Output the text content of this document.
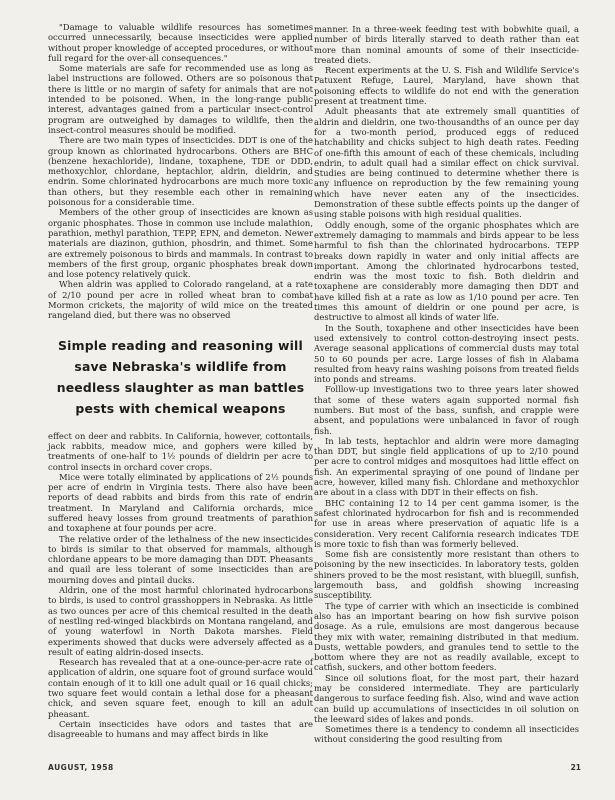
"Damage to valuable wildlife resources has sometimes occurred unnecessarily, because insecticides were applied without proper knowledge of accepted procedures, or without full regard for the over-all consequences."

Some materials are safe for recommended use as long as label instructions are followed. Others are so poisonous that there is little or no margin of safety for animals that are not intended to be poisoned. When, in the long-range public interest, advantages gained from a particular insect-control program are outweighed by damages to wildlife, then the insect-control measures should be modified.

There are two main types of insecticides. DDT is one of the group known as chlorinated hydrocarbons. Others are BHC (benzene hexachloride), lindane, toxaphene, TDE or DDD, methoxychlor, chlordane, heptachlor, aldrin, dieldrin, and endrin. Some chlorinated hydrocarbons are much more toxic than others, but they resemble each other in remaining poisonous for a considerable time.

Members of the other group of insecticides are known as organic phosphates. Those in common use include malathion, parathion, methyl parathion, TEPP, EPN, and demeton. Newer materials are diazinon, guthion, phosdrin, and thimet. Some are extremely poisonous to birds and mammals. In contrast to members of the first group, organic phosphates break down and lose potency relatively quick.

When aldrin was applied to Colorado rangeland, at a rate of 2/10 pound per acre in rolled wheat bran to combat Mormon crickets, the majority of wild mice on the treated rangeland died, but there was no observed

Simple reading and reasoning will
save Nebraska's wildlife from
needless slaughter as man battles
pests with chemical weapons

effect on deer and rabbits. In California, however, cottontails, jack rabbits, meadow mice, and gophers were killed by treatments of one-half to 1½ pounds of dieldrin per acre to control insects in orchard cover crops.

Mice were totally eliminated by applications of 2½ pounds per acre of endrin in Virginia tests. There also have been reports of dead rabbits and birds from this rate of endrin treatment. In Maryland and California orchards, mice suffered heavy losses from ground treatments of parathion and toxaphene at four pounds per acre.

The relative order of the lethalness of the new insecticides to birds is similar to that observed for mammals, although chlordane appears to be more damaging than DDT. Pheasants and quail are less tolerant of some insecticides than are mourning doves and pintail ducks.

Aldrin, one of the most harmful chlorinated hydrocarbons to birds, is used to control grasshoppers in Nebraska. As little as two ounces per acre of this chemical resulted in the death of nestling red-winged blackbirds on Montana rangeland, and of young waterfowl in North Dakota marshes. Field experiments showed that ducks were adversely affected as a result of eating aldrin-dosed insects.

Research has revealed that at a one-ounce-per-acre rate of application of aldrin, one square foot of ground surface would contain enough of it to kill one adult quail or 16 quail chicks; two square feet would contain a lethal dose for a pheasant chick, and seven square feet, enough to kill an adult pheasant.

Certain insecticides have odors and tastes that are disagreeable to humans and may affect birds in like

manner. In a three-week feeding test with bobwhite quail, a number of birds literally starved to death rather than eat more than nominal amounts of some of their insecticide-treated diets.

Recent experiments at the U. S. Fish and Wildlife Service's Patuxent Refuge, Laurel, Maryland, have shown that poisoning effects to wildlife do not end with the generation present at treatment time.

Adult pheasants that ate extremely small quantities of aldrin and dieldrin, one two-thousandths of an ounce per day for a two-month period, produced eggs of reduced hatchability and chicks subject to high death rates. Feeding of one-fifth this amount of each of these chemicals, including endrin, to adult quail had a similar effect on chick survival. Studies are being continued to determine whether there is any influence on reproduction by the few remaining young which have never eaten any of the insecticides. Demonstration of these subtle effects points up the danger of using stable poisons with high residual qualities.

Oddly enough, some of the organic phosphates which are extremely damaging to mammals and birds appear to be less harmful to fish than the chlorinated hydrocarbons. TEPP breaks down rapidly in water and only initial affects are important. Among the chlorinated hydrocarbons tested, endrin was the most toxic to fish. Both dieldrin and toxaphene are considerably more damaging then DDT and have killed fish at a rate as low as 1/10 pound per acre. Ten times this amount of dieldrin or one pound per acre, is destructive to almost all kinds of water life.

In the South, toxaphene and other insecticides have been used extensively to control cotton-destroying insect pests. Average seasonal applications of commercial dusts may total 50 to 60 pounds per acre. Large losses of fish in Alabama resulted from heavy rains washing poisons from treated fields into ponds and streams.

Folllow-up investigations two to three years later showed that some of these waters again supported normal fish numbers. But most of the bass, sunfish, and crappie were absent, and populations were unbalanced in favor of rough fish.

In lab tests, heptachlor and aldrin were more damaging than DDT, but single field applications of up to 2/10 pound per acre to control midges and mosquitoes had little effect on fish. An experimental spraying of one pound of lindane per acre, however, killed many fish. Chlordane and methoxychlor are about in a class with DDT in their effects on fish.

BHC containing 12 to 14 per cent gamma isomer, is the safest chlorinated hydrocarbon for fish and is recommended for use in areas where preservation of aquatic life is a consideration. Very recent California research indicates TDE is more toxic to fish than was formerly believed.

Some fish are consistently more resistant than others to poisoning by the new insecticides. In laboratory tests, golden shiners proved to be the most resistant, with bluegill, sunfish, largemouth bass, and goldfish showing increasing susceptibility.

The type of carrier with which an insecticide is combined also has an important bearing on how fish survive poison dosage. As a rule, emulsions are most dangerous because they mix with water, remaining distributed in that medium. Dusts, wettable powders, and granules tend to settle to the bottom where they are not as readily available, except to catfish, suckers, and other bottom feeders.

Since oil solutions float, for the most part, their hazard may be considered intermediate. They are particularly dangerous to surface feeding fish. Also, wind and wave action can build up accumulations of insecticides in oil solution on the leeward sides of lakes and ponds.

Sometimes there is a tendency to condemn all insecticides without considering the good resulting from

AUGUST, 1958	21
